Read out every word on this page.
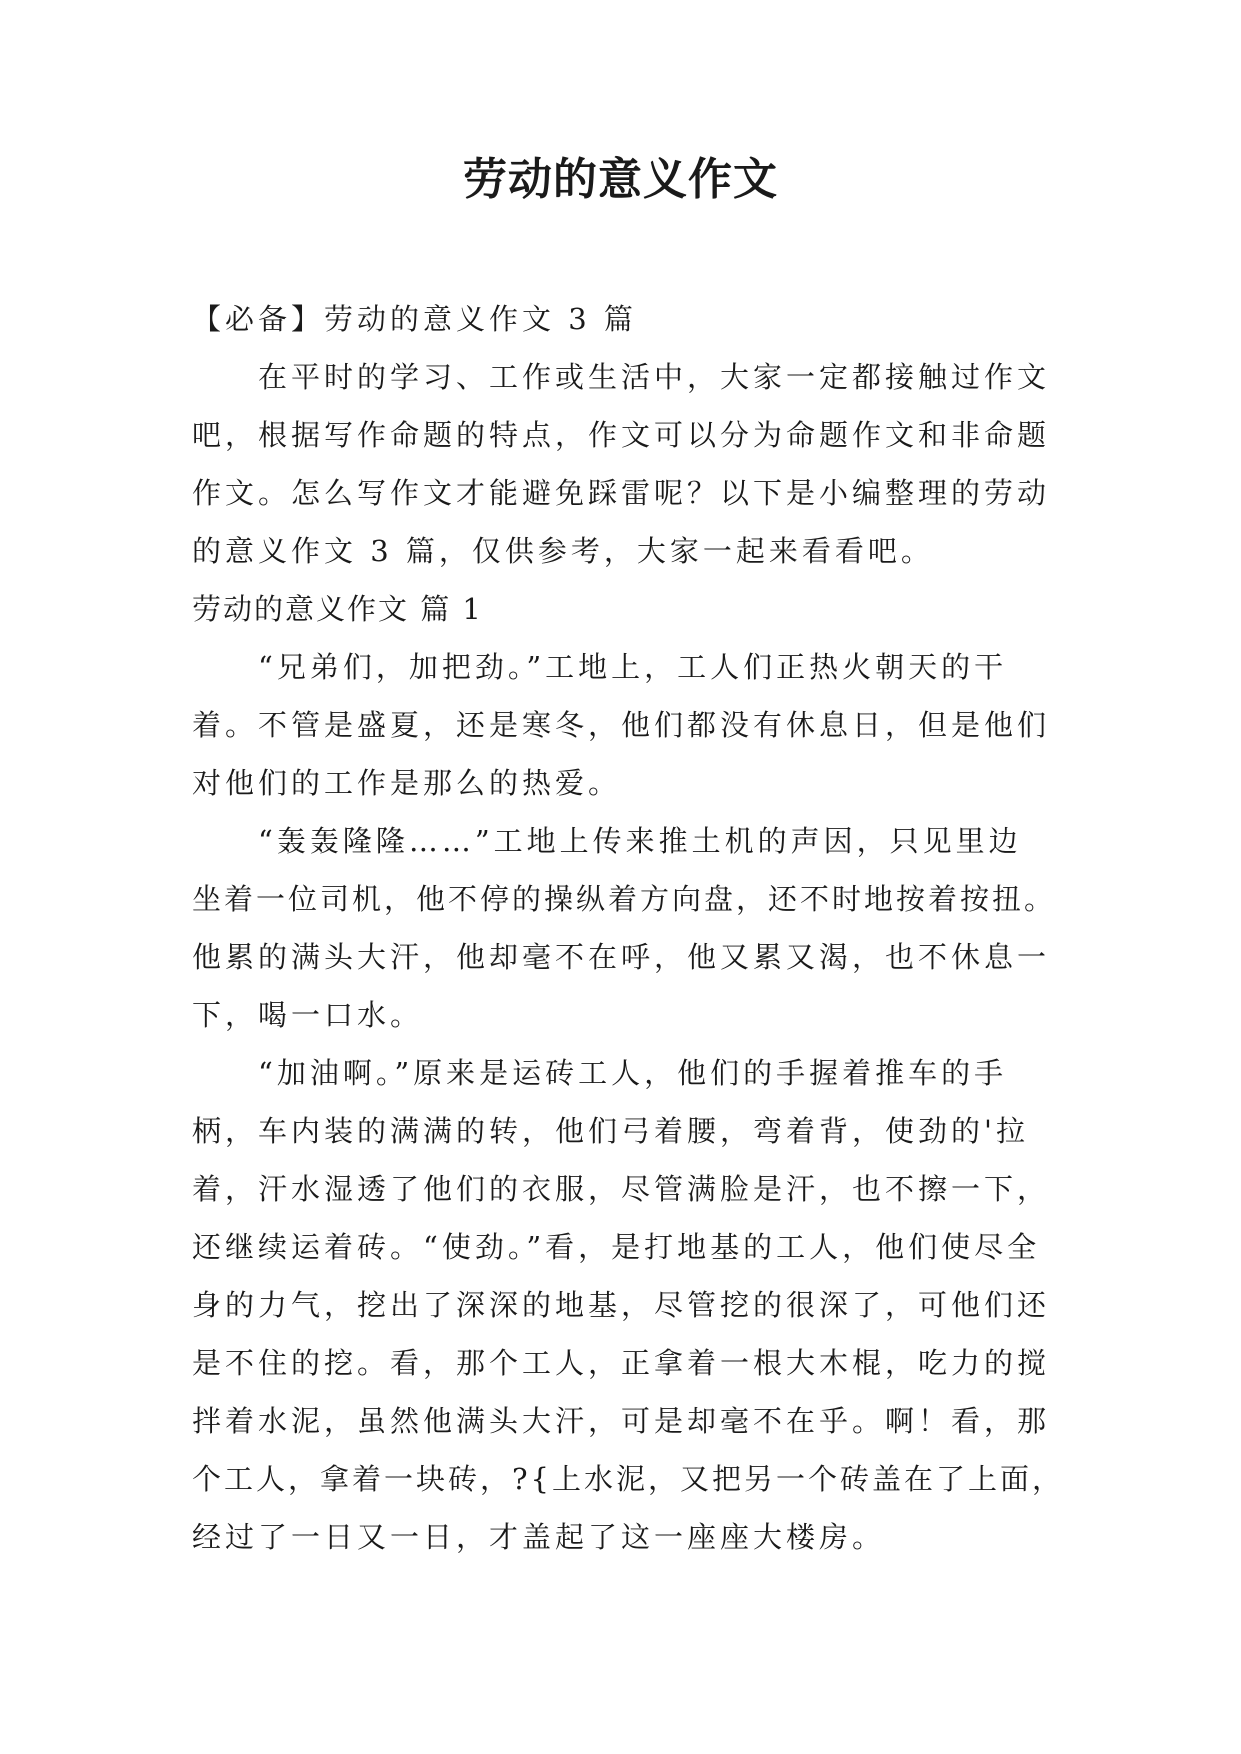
劳动的意义作文
【必备】劳动的意义作文 3 篇
在平时的学习、工作或生活中，大家一定都接触过作文
吧，根据写作命题的特点，作文可以分为命题作文和非命题
作文。怎么写作文才能避免踩雷呢？以下是小编整理的劳动
的意义作文 3 篇，仅供参考，大家一起来看看吧。
劳动的意义作文 篇 1
“兄弟们，加把劲。”工地上，工人们正热火朝天的干
着。不管是盛夏，还是寒冬，他们都没有休息日，但是他们
对他们的工作是那么的热爱。
“轰轰隆隆……”工地上传来推土机的声因，只见里边
坐着一位司机，他不停的操纵着方向盘，还不时地按着按扭。
他累的满头大汗，他却毫不在呼，他又累又渴，也不休息一
下，喝一口水。
“加油啊。”原来是运砖工人，他们的手握着推车的手
柄，车内装的满满的转，他们弓着腰，弯着背，使劲的'拉
着，汗水湿透了他们的衣服，尽管满脸是汗，也不擦一下，
还继续运着砖。“使劲。”看，是打地基的工人，他们使尽全
身的力气，挖出了深深的地基，尽管挖的很深了，可他们还
是不住的挖。看，那个工人，正拿着一根大木棍，吃力的搅
拌着水泥，虽然他满头大汗，可是却毫不在乎。啊！看，那
个工人，拿着一块砖，?{上水泥，又把另一个砖盖在了上面，
经过了一日又一日，才盖起了这一座座大楼房。
